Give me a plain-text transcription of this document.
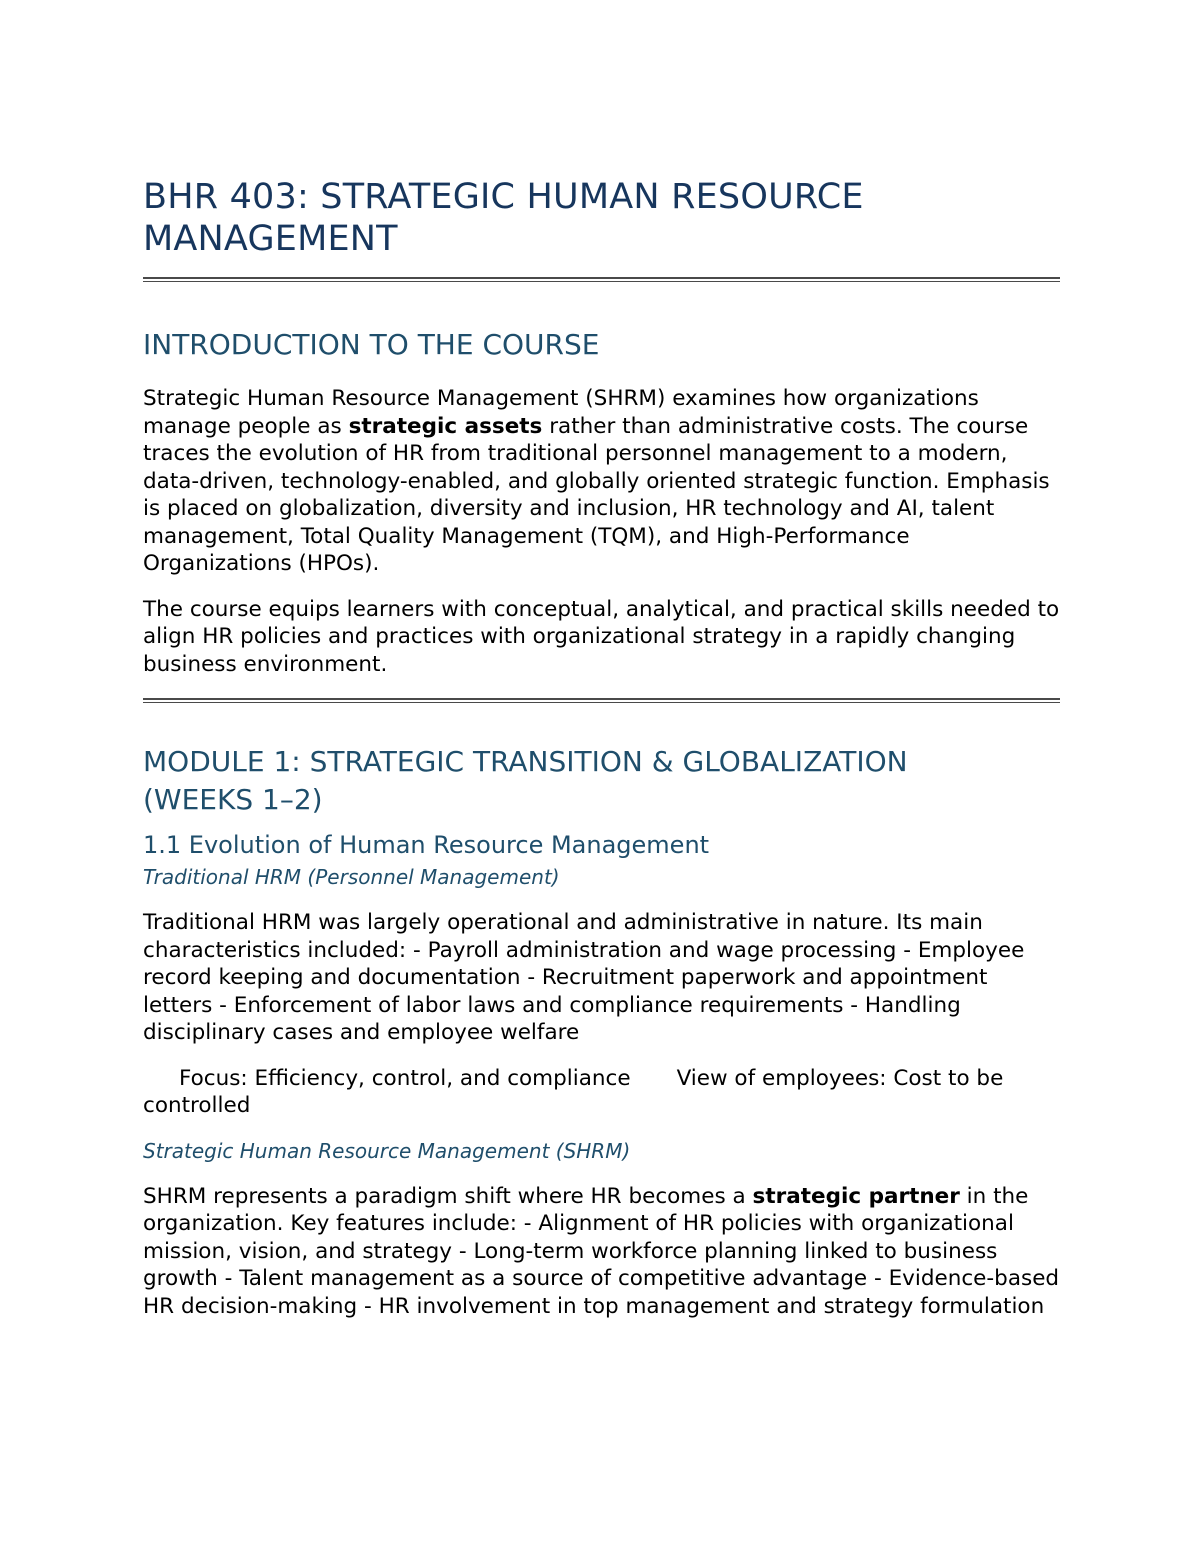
BHR 403: STRATEGIC HUMAN RESOURCE
MANAGEMENT
INTRODUCTION TO THE COURSE

Strategic Human Resource Management (SHRM) examines how organizations manage people as strategic assets rather than administrative costs. The course traces the evolution of HR from traditional personnel management to a modern, data-driven, technology-enabled, and globally oriented strategic function. Emphasis is placed on globalization, diversity and inclusion, HR technology and AI, talent management, Total Quality Management (TQM), and High-Performance Organizations (HPOs).

The course equips learners with conceptual, analytical, and practical skills needed to align HR policies and practices with organizational strategy in a rapidly changing business environment.

MODULE 1: STRATEGIC TRANSITION & GLOBALIZATION
(WEEKS 1–2)
1.1 Evolution of Human Resource Management
Traditional HRM (Personnel Management)

Traditional HRM was largely operational and administrative in nature. Its main characteristics included: - Payroll administration and wage processing - Employee record keeping and documentation - Recruitment paperwork and appointment letters - Enforcement of labor laws and compliance requirements - Handling disciplinary cases and employee welfare

Focus: Efficiency, control, and compliance View of employees: Cost to be controlled

Strategic Human Resource Management (SHRM)

SHRM represents a paradigm shift where HR becomes a strategic partner in the organization. Key features include: - Alignment of HR policies with organizational mission, vision, and strategy - Long-term workforce planning linked to business growth - Talent management as a source of competitive advantage - Evidence-based HR decision-making - HR involvement in top management and strategy formulation
